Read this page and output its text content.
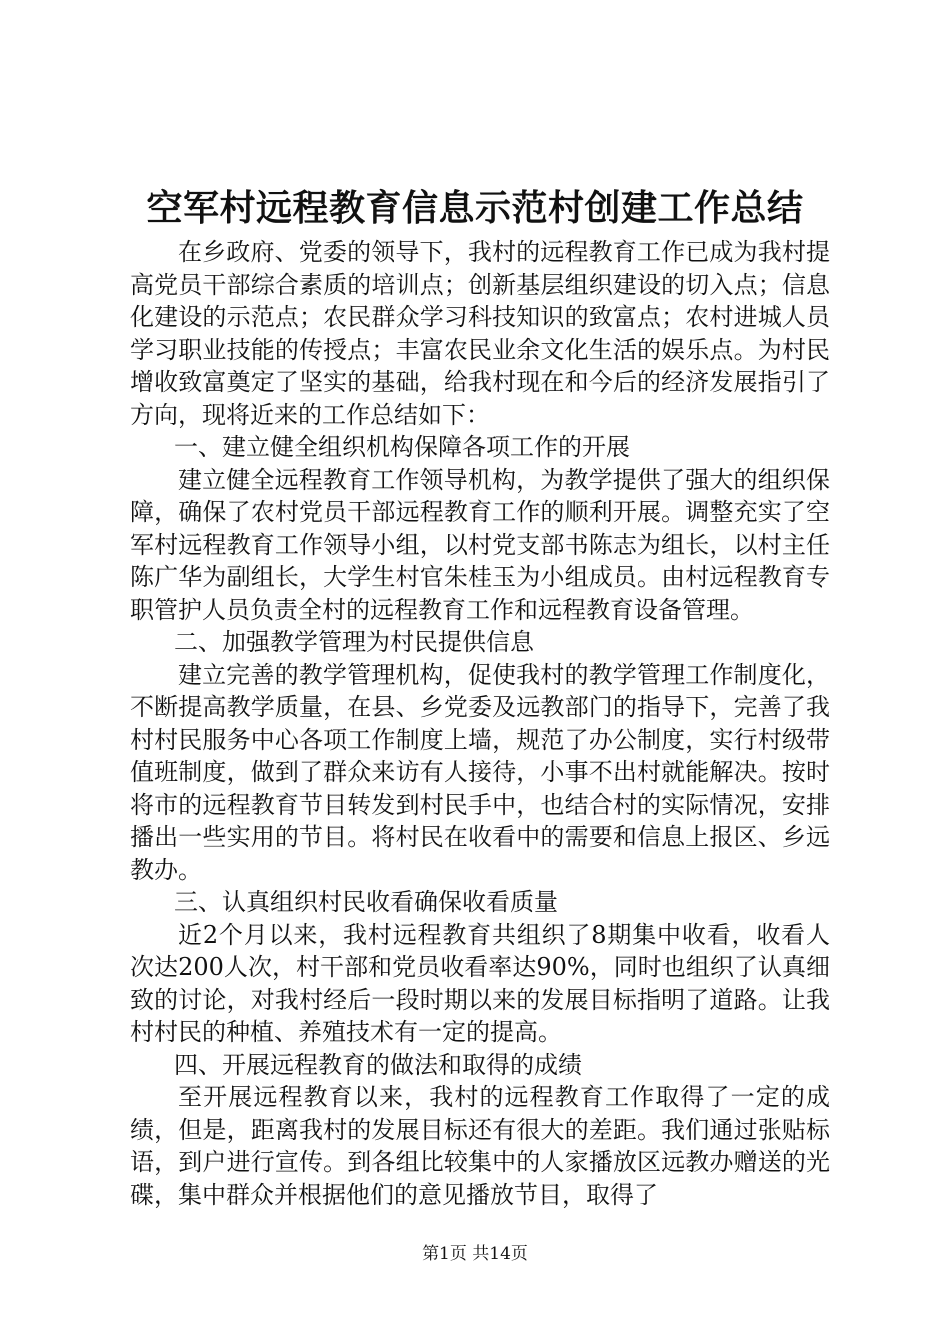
空军村远程教育信息示范村创建工作总结

在乡政府、党委的领导下，我村的远程教育工作已成为我村提高党员干部综合素质的培训点；创新基层组织建设的切入点；信息化建设的示范点；农民群众学习科技知识的致富点；农村进城人员学习职业技能的传授点；丰富农民业余文化生活的娱乐点。为村民增收致富奠定了坚实的基础，给我村现在和今后的经济发展指引了方向，现将近来的工作总结如下：

一、建立健全组织机构保障各项工作的开展

建立健全远程教育工作领导机构，为教学提供了强大的组织保障，确保了农村党员干部远程教育工作的顺利开展。调整充实了空军村远程教育工作领导小组，以村党支部书陈志为组长，以村主任陈广华为副组长，大学生村官朱桂玉为小组成员。由村远程教育专职管护人员负责全村的远程教育工作和远程教育设备管理。

二、加强教学管理为村民提供信息

建立完善的教学管理机构，促使我村的教学管理工作制度化，不断提高教学质量，在县、乡党委及远教部门的指导下，完善了我村村民服务中心各项工作制度上墙，规范了办公制度，实行村级带值班制度，做到了群众来访有人接待，小事不出村就能解决。按时将市的远程教育节目转发到村民手中，也结合村的实际情况，安排播出一些实用的节目。将村民在收看中的需要和信息上报区、乡远教办。

三、认真组织村民收看确保收看质量

近2个月以来，我村远程教育共组织了8期集中收看，收看人次达200人次，村干部和党员收看率达90%，同时也组织了认真细致的讨论，对我村经后一段时期以来的发展目标指明了道路。让我村村民的种植、养殖技术有一定的提高。

四、开展远程教育的做法和取得的成绩

至开展远程教育以来，我村的远程教育工作取得了一定的成绩，但是，距离我村的发展目标还有很大的差距。我们通过张贴标语，到户进行宣传。到各组比较集中的人家播放区远教办赠送的光碟，集中群众并根据他们的意见播放节目，取得了

第1页 共14页
